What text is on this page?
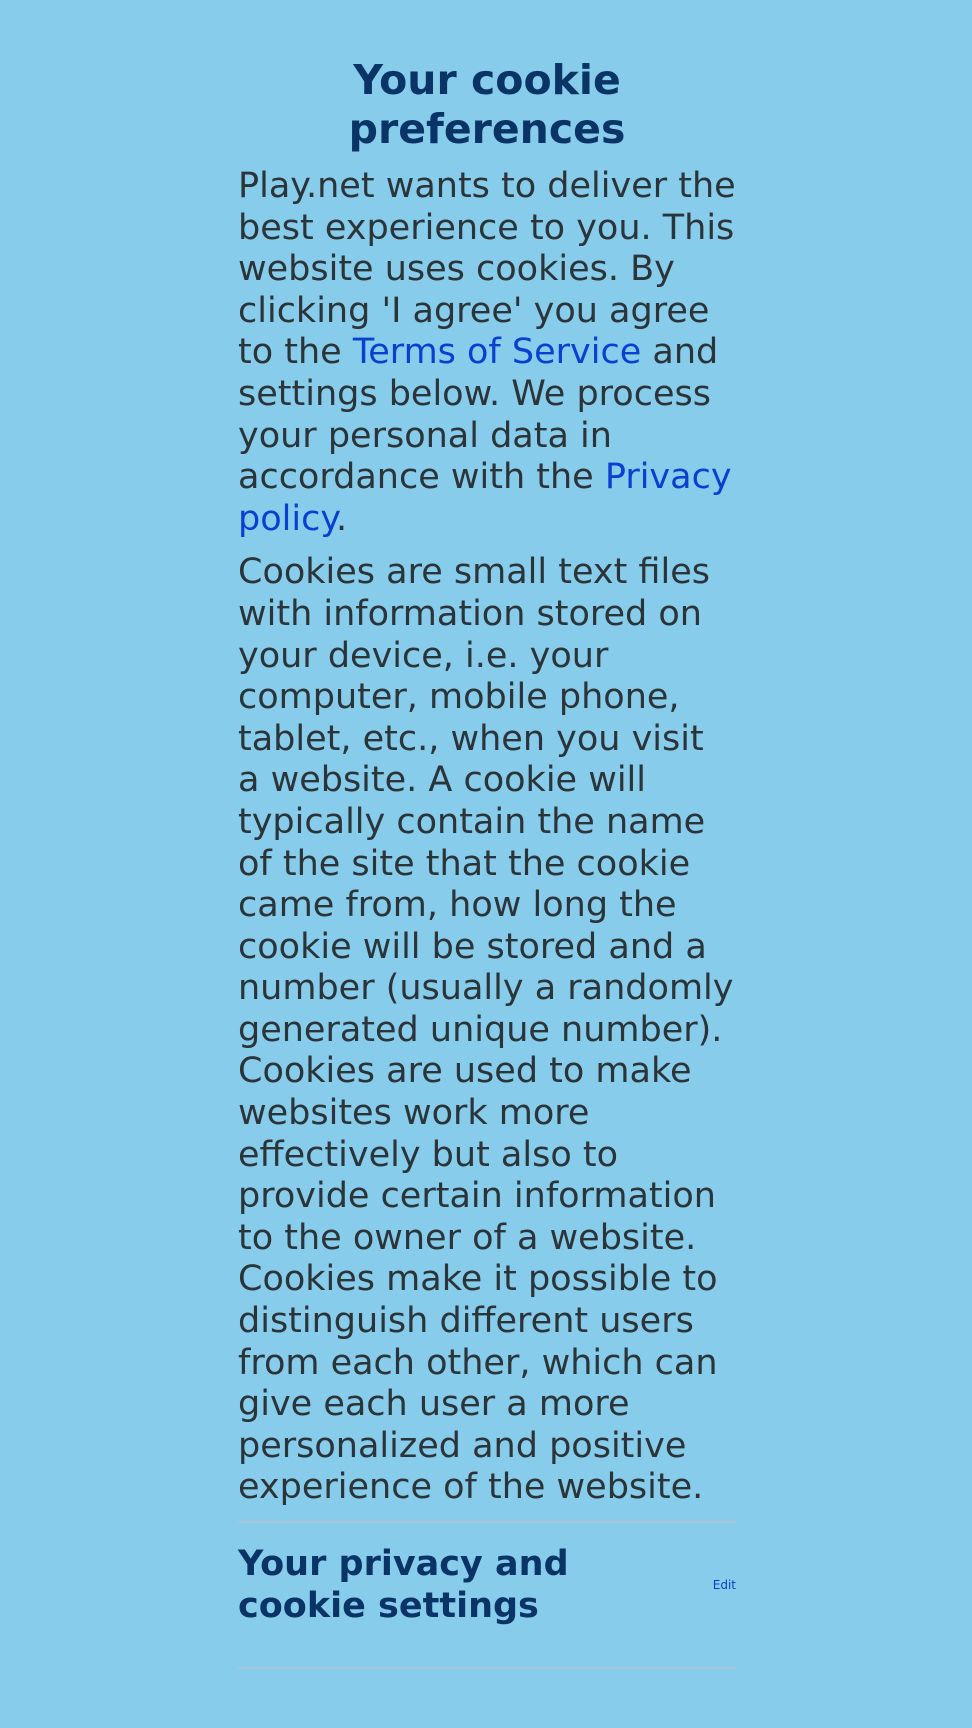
Your cookie preferences

Play.net wants to deliver the best experience to you. This website uses cookies. By clicking 'I agree' you agree to the Terms of Service and settings below. We process your personal data in accordance with the Privacy policy.

Cookies are small text files with information stored on your device, i.e. your computer, mobile phone, tablet, etc., when you visit a website. A cookie will typically contain the name of the site that the cookie came from, how long the cookie will be stored and a number (usually a randomly generated unique number). Cookies are used to make websites work more effectively but also to provide certain information to the owner of a website. Cookies make it possible to distinguish different users from each other, which can give each user a more personalized and positive experience of the website.

Your privacy and cookie settings
Edit
